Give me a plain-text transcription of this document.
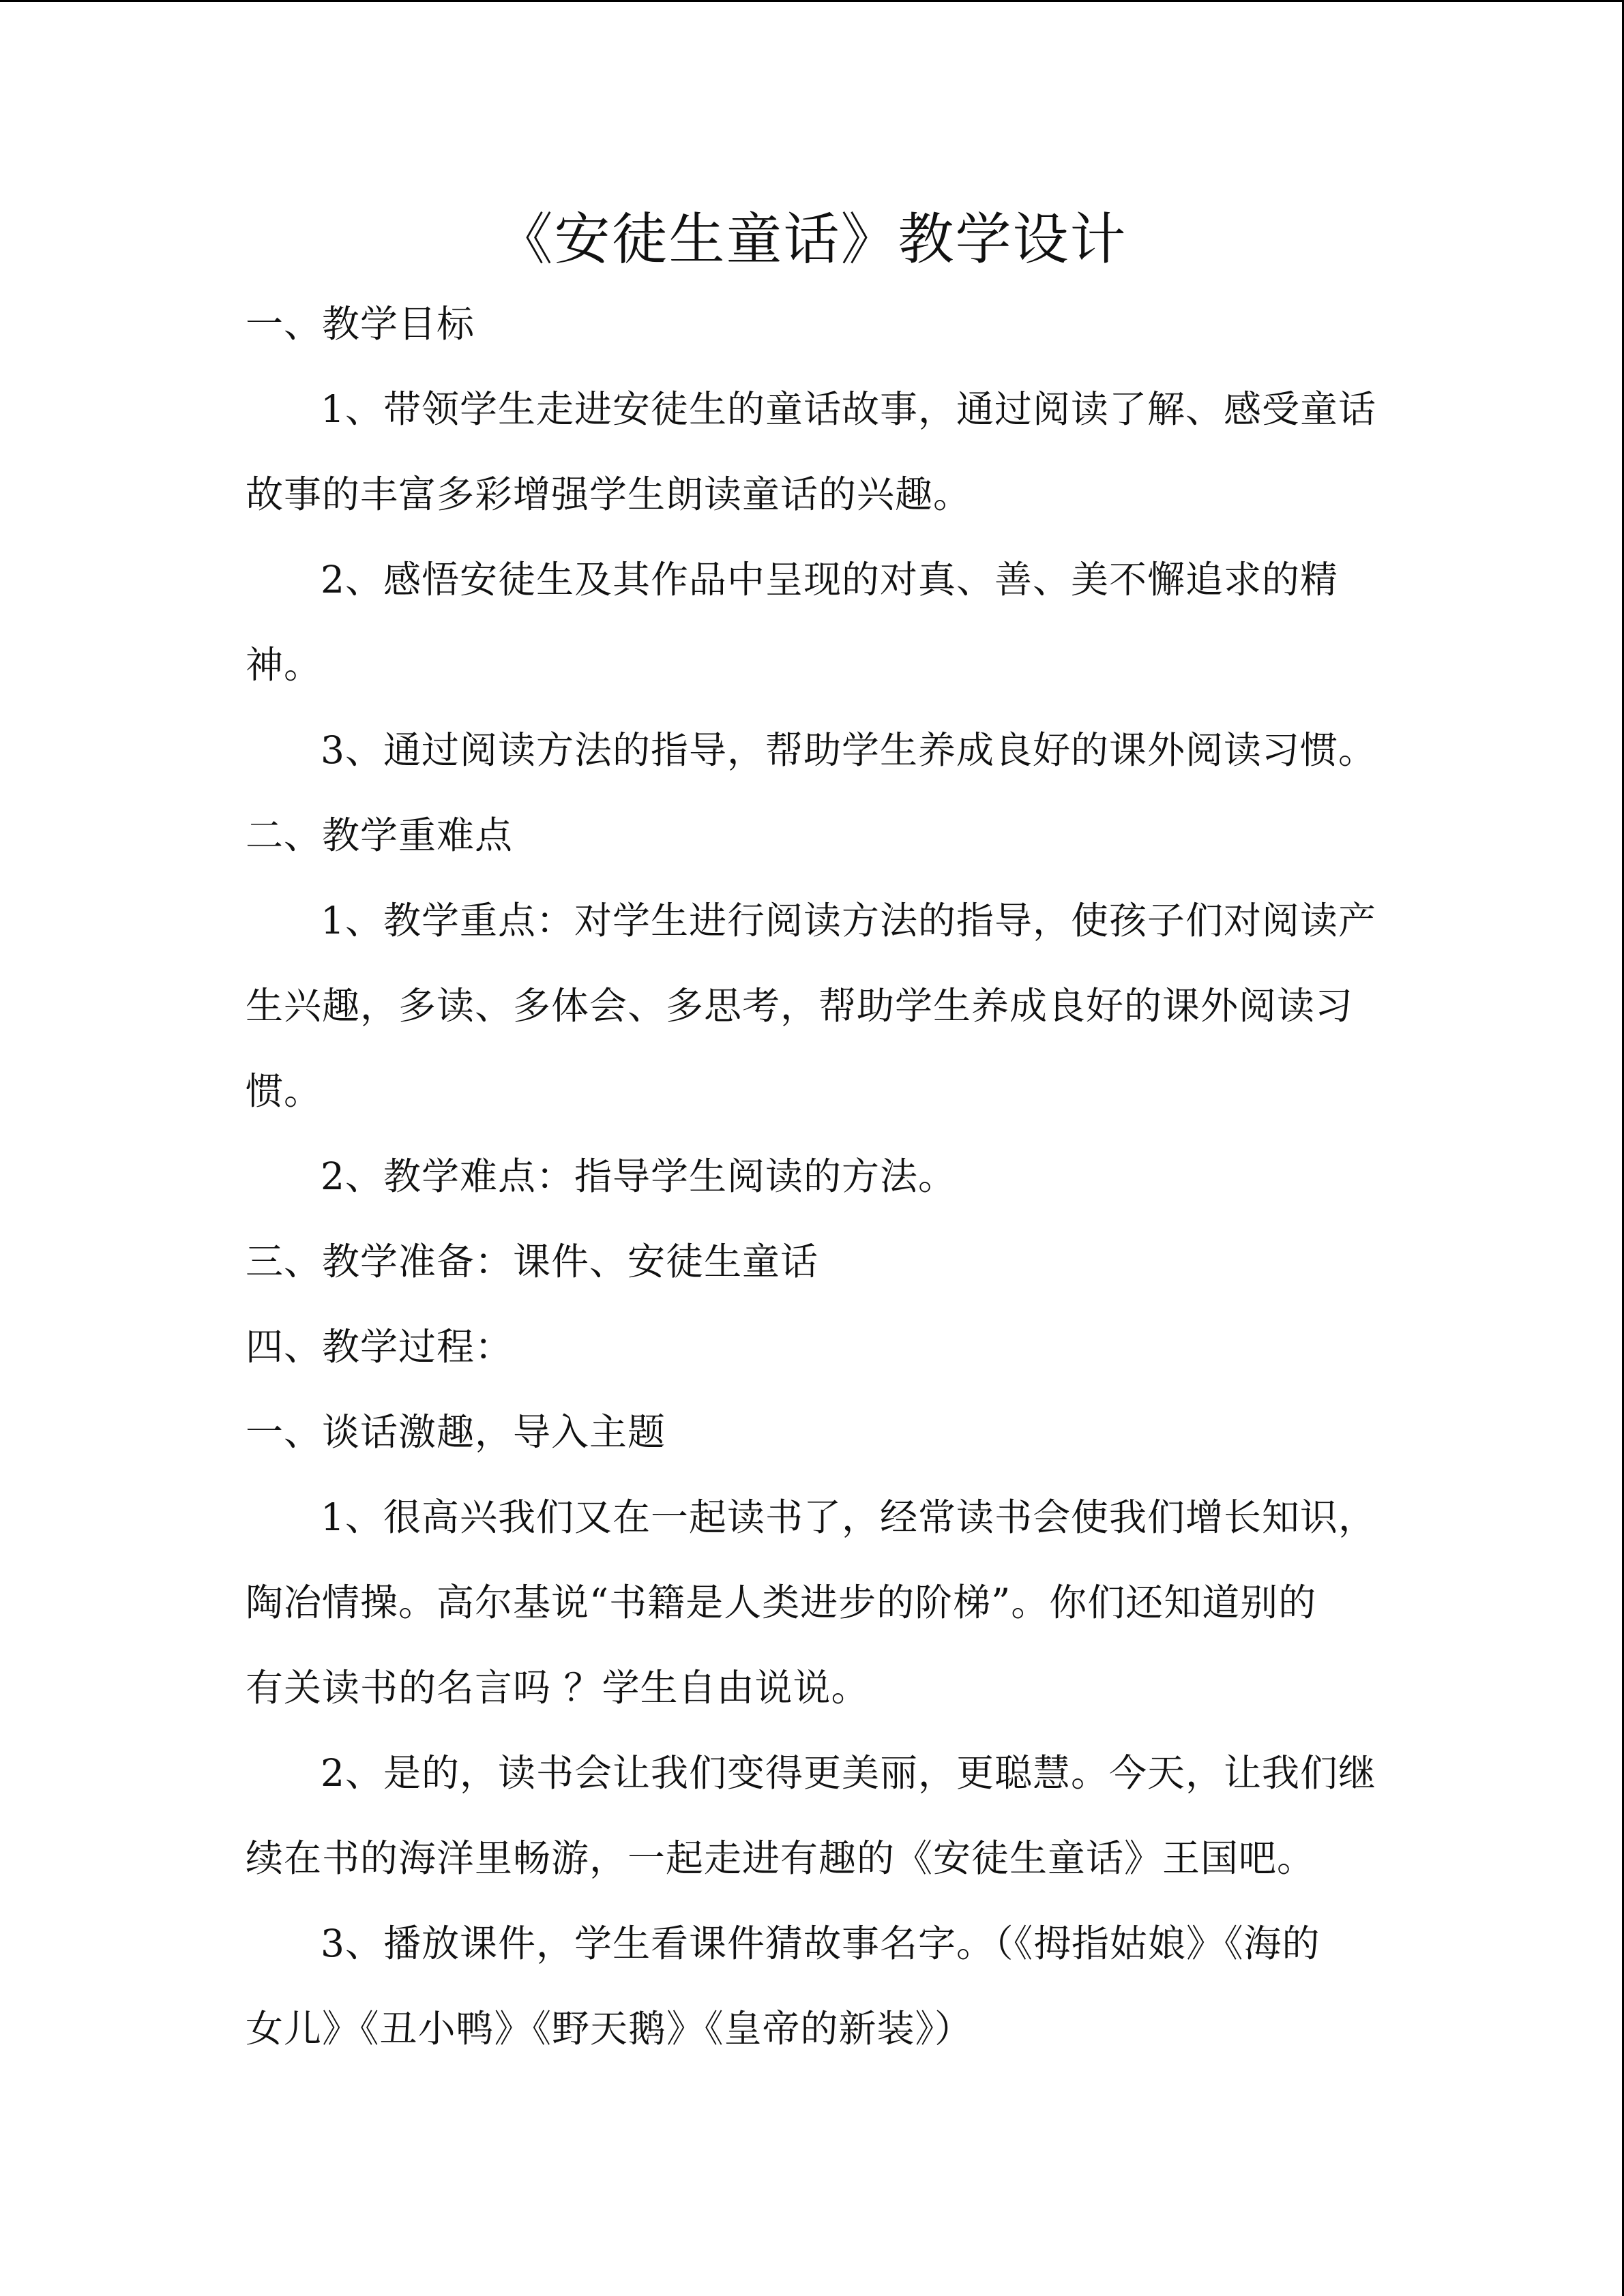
《安徒生童话》教学设计
一、教学目标
1、带领学生走进安徒生的童话故事，通过阅读了解、感受童话
故事的丰富多彩增强学生朗读童话的兴趣。
2、感悟安徒生及其作品中呈现的对真、善、美不懈追求的精
神。
3、通过阅读方法的指导，帮助学生养成良好的课外阅读习惯。
二、教学重难点
1、教学重点：对学生进行阅读方法的指导，使孩子们对阅读产
生兴趣，多读、多体会、多思考，帮助学生养成良好的课外阅读习
惯。
2、教学难点：指导学生阅读的方法。
三、教学准备：课件、安徒生童话
四、教学过程：
一、谈话激趣，导入主题
1、很高兴我们又在一起读书了，经常读书会使我们增长知识，
陶冶情操。高尔基说“书籍是人类进步的阶梯”。你们还知道别的
有关读书的名言吗 ？学生自由说说。
2、是的，读书会让我们变得更美丽，更聪慧。今天，让我们继
续在书的海洋里畅游，一起走进有趣的《安徒生童话》王国吧。
3、播放课件，学生看课件猜故事名字。（《拇指姑娘》《海的
女儿》《丑小鸭》《野天鹅》《皇帝的新装》）
